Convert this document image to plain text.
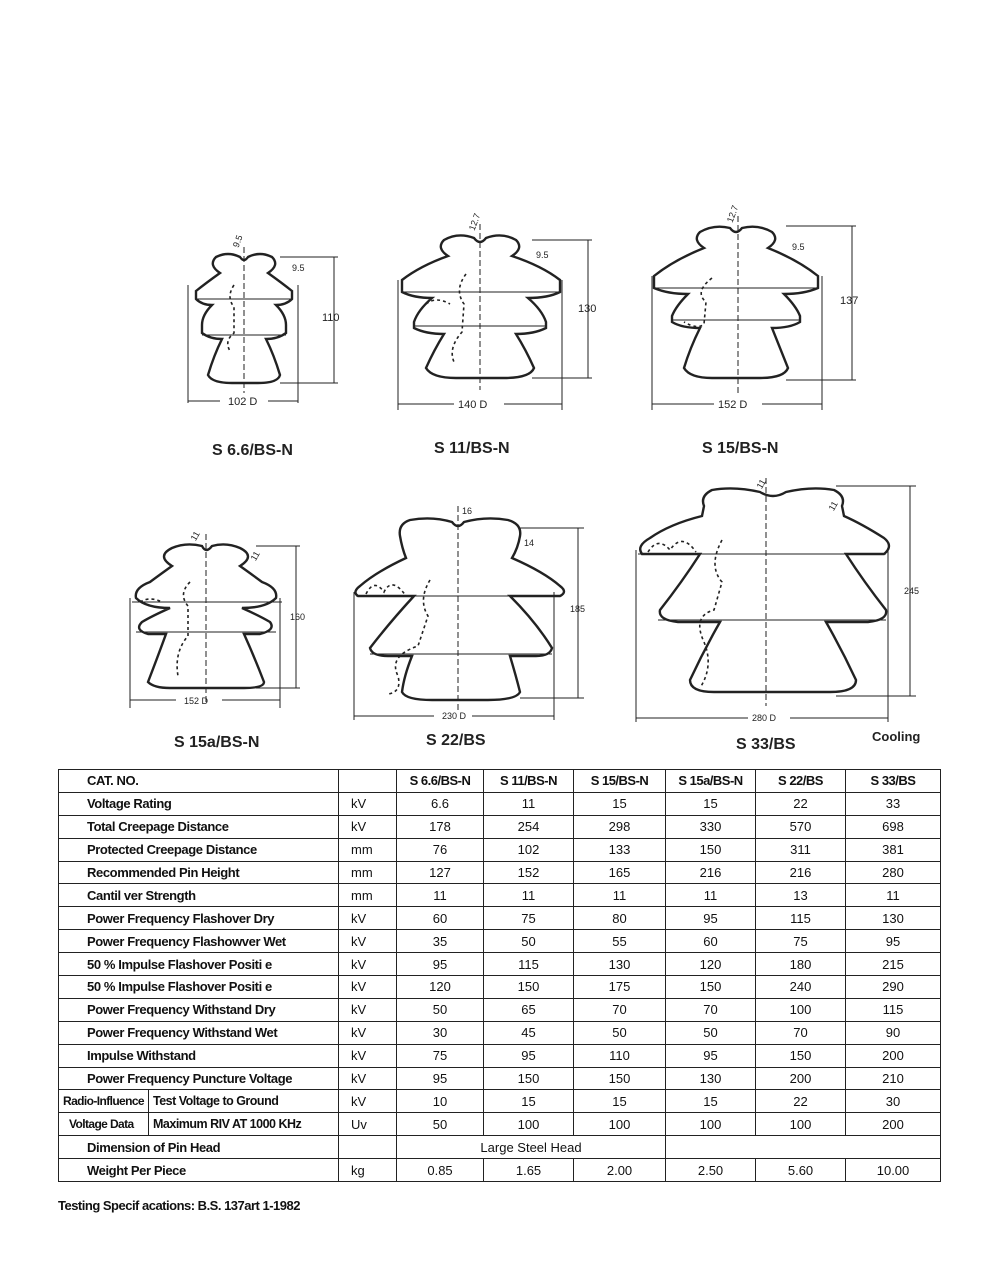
102 D
110
9.5
9.5
S 6.6/BS-N
140 D
130
12.7
9.5
S 11/BS-N
152 D
137
12.7
9.5
S 15/BS-N
152 D
160
11
11
S 15a/BS-N
230 D
185
16
14
S 22/BS
280 D
245
11
11
S 33/BS	Cooling
CAT. NO.			S 6.6/BS-N	S 11/BS-N	S 15/BS-N	S 15a/BS-N	S 22/BS	S 33/BS
Voltage Rating		kV	6.6	11	15	15	22	33
Total Creepage Distance		kV	178	254	298	330	570	698
Protected Creepage Distance		mm	76	102	133	150	311	381
Recommended Pin Height		mm	127	152	165	216	216	280
Cantil ver Strength		mm	11	11	11	11	13	11
Power Frequency Flashover Dry		kV	60	75	80	95	115	130
Power Frequency Flashowver Wet		kV	35	50	55	60	75	95
50 % Impulse Flashover Positi e		kV	95	115	130	120	180	215
50 % Impulse Flashover Positi e		kV	120	150	175	150	240	290
Power Frequency Withstand Dry		kV	50	65	70	70	100	115
Power Frequency Withstand Wet		kV	30	45	50	50	70	90
Impulse Withstand		kV	75	95	110	95	150	200
Power Frequency Puncture Voltage		kV	95	150	150	130	200	210
Radio-Influence	Test Voltage to Ground	kV	10	15	15	15	22	30
Voltage Data	Maximum RIV AT 1000 KHz	Uv	50	100	100	100	100	200
Dimension of Pin Head			Large Steel Head					
Weight Per Piece		kg	0.85	1.65	2.00	2.50	5.60	10.00
Testing Specif acations: B.S. 137art 1-1982
